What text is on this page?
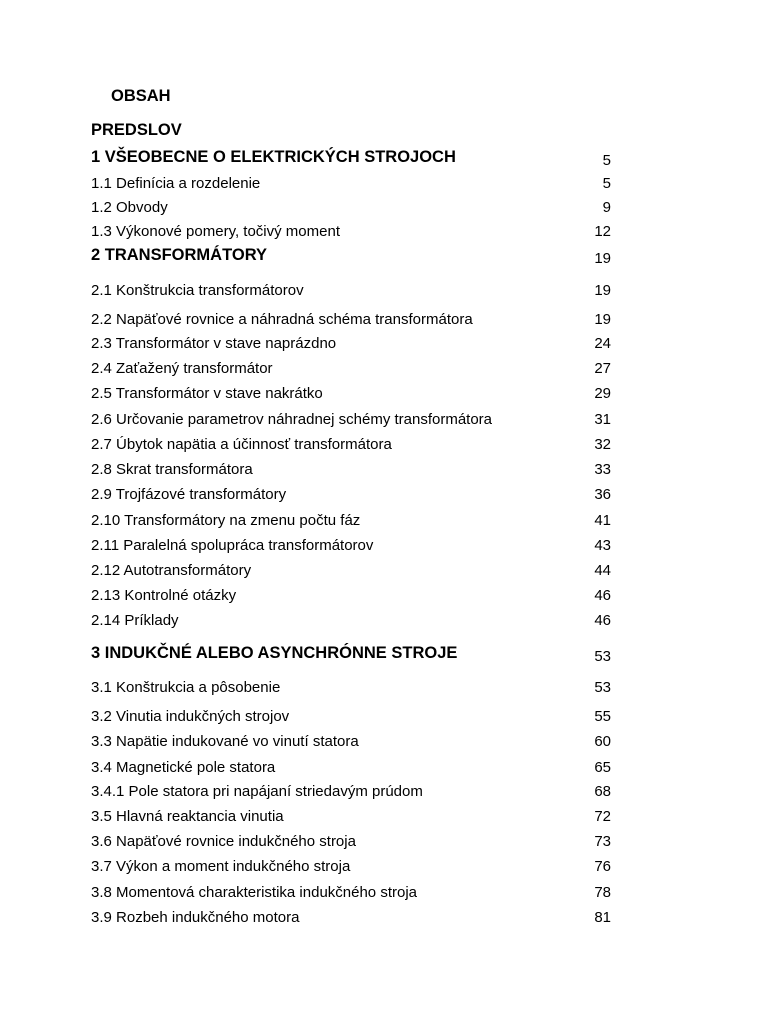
OBSAH
PREDSLOV
1 VŠEOBECNE O ELEKTRICKÝCH STROJOCH	5
1.1 Definícia a rozdelenie	5
1.2 Obvody	9
1.3 Výkonové pomery, točivý moment	12
2 TRANSFORMÁTORY	19
2.1 Konštrukcia transformátorov	19
2.2 Napäťové rovnice a náhradná schéma transformátora	19
2.3 Transformátor v stave naprázdno	24
2.4 Zaťažený transformátor	27
2.5 Transformátor v stave nakrátko	29
2.6 Určovanie parametrov náhradnej schémy transformátora	31
2.7 Úbytok napätia a účinnosť transformátora	32
2.8 Skrat transformátora	33
2.9 Trojfázové transformátory	36
2.10 Transformátory na zmenu počtu fáz	41
2.11 Paralelná spolupráca transformátorov	43
2.12 Autotransformátory	44
2.13 Kontrolné otázky	46
2.14 Príklady	46
3 INDUKČNÉ ALEBO ASYNCHRÓNNE STROJE	53
3.1 Konštrukcia a pôsobenie	53
3.2 Vinutia indukčných strojov	55
3.3 Napätie indukované vo vinutí statora	60
3.4 Magnetické pole statora	65
3.4.1 Pole statora pri napájaní striedavým prúdom	68
3.5 Hlavná reaktancia vinutia	72
3.6 Napäťové rovnice indukčného stroja	73
3.7 Výkon a moment indukčného stroja	76
3.8 Momentová charakteristika indukčného stroja	78
3.9 Rozbeh indukčného motora	81
